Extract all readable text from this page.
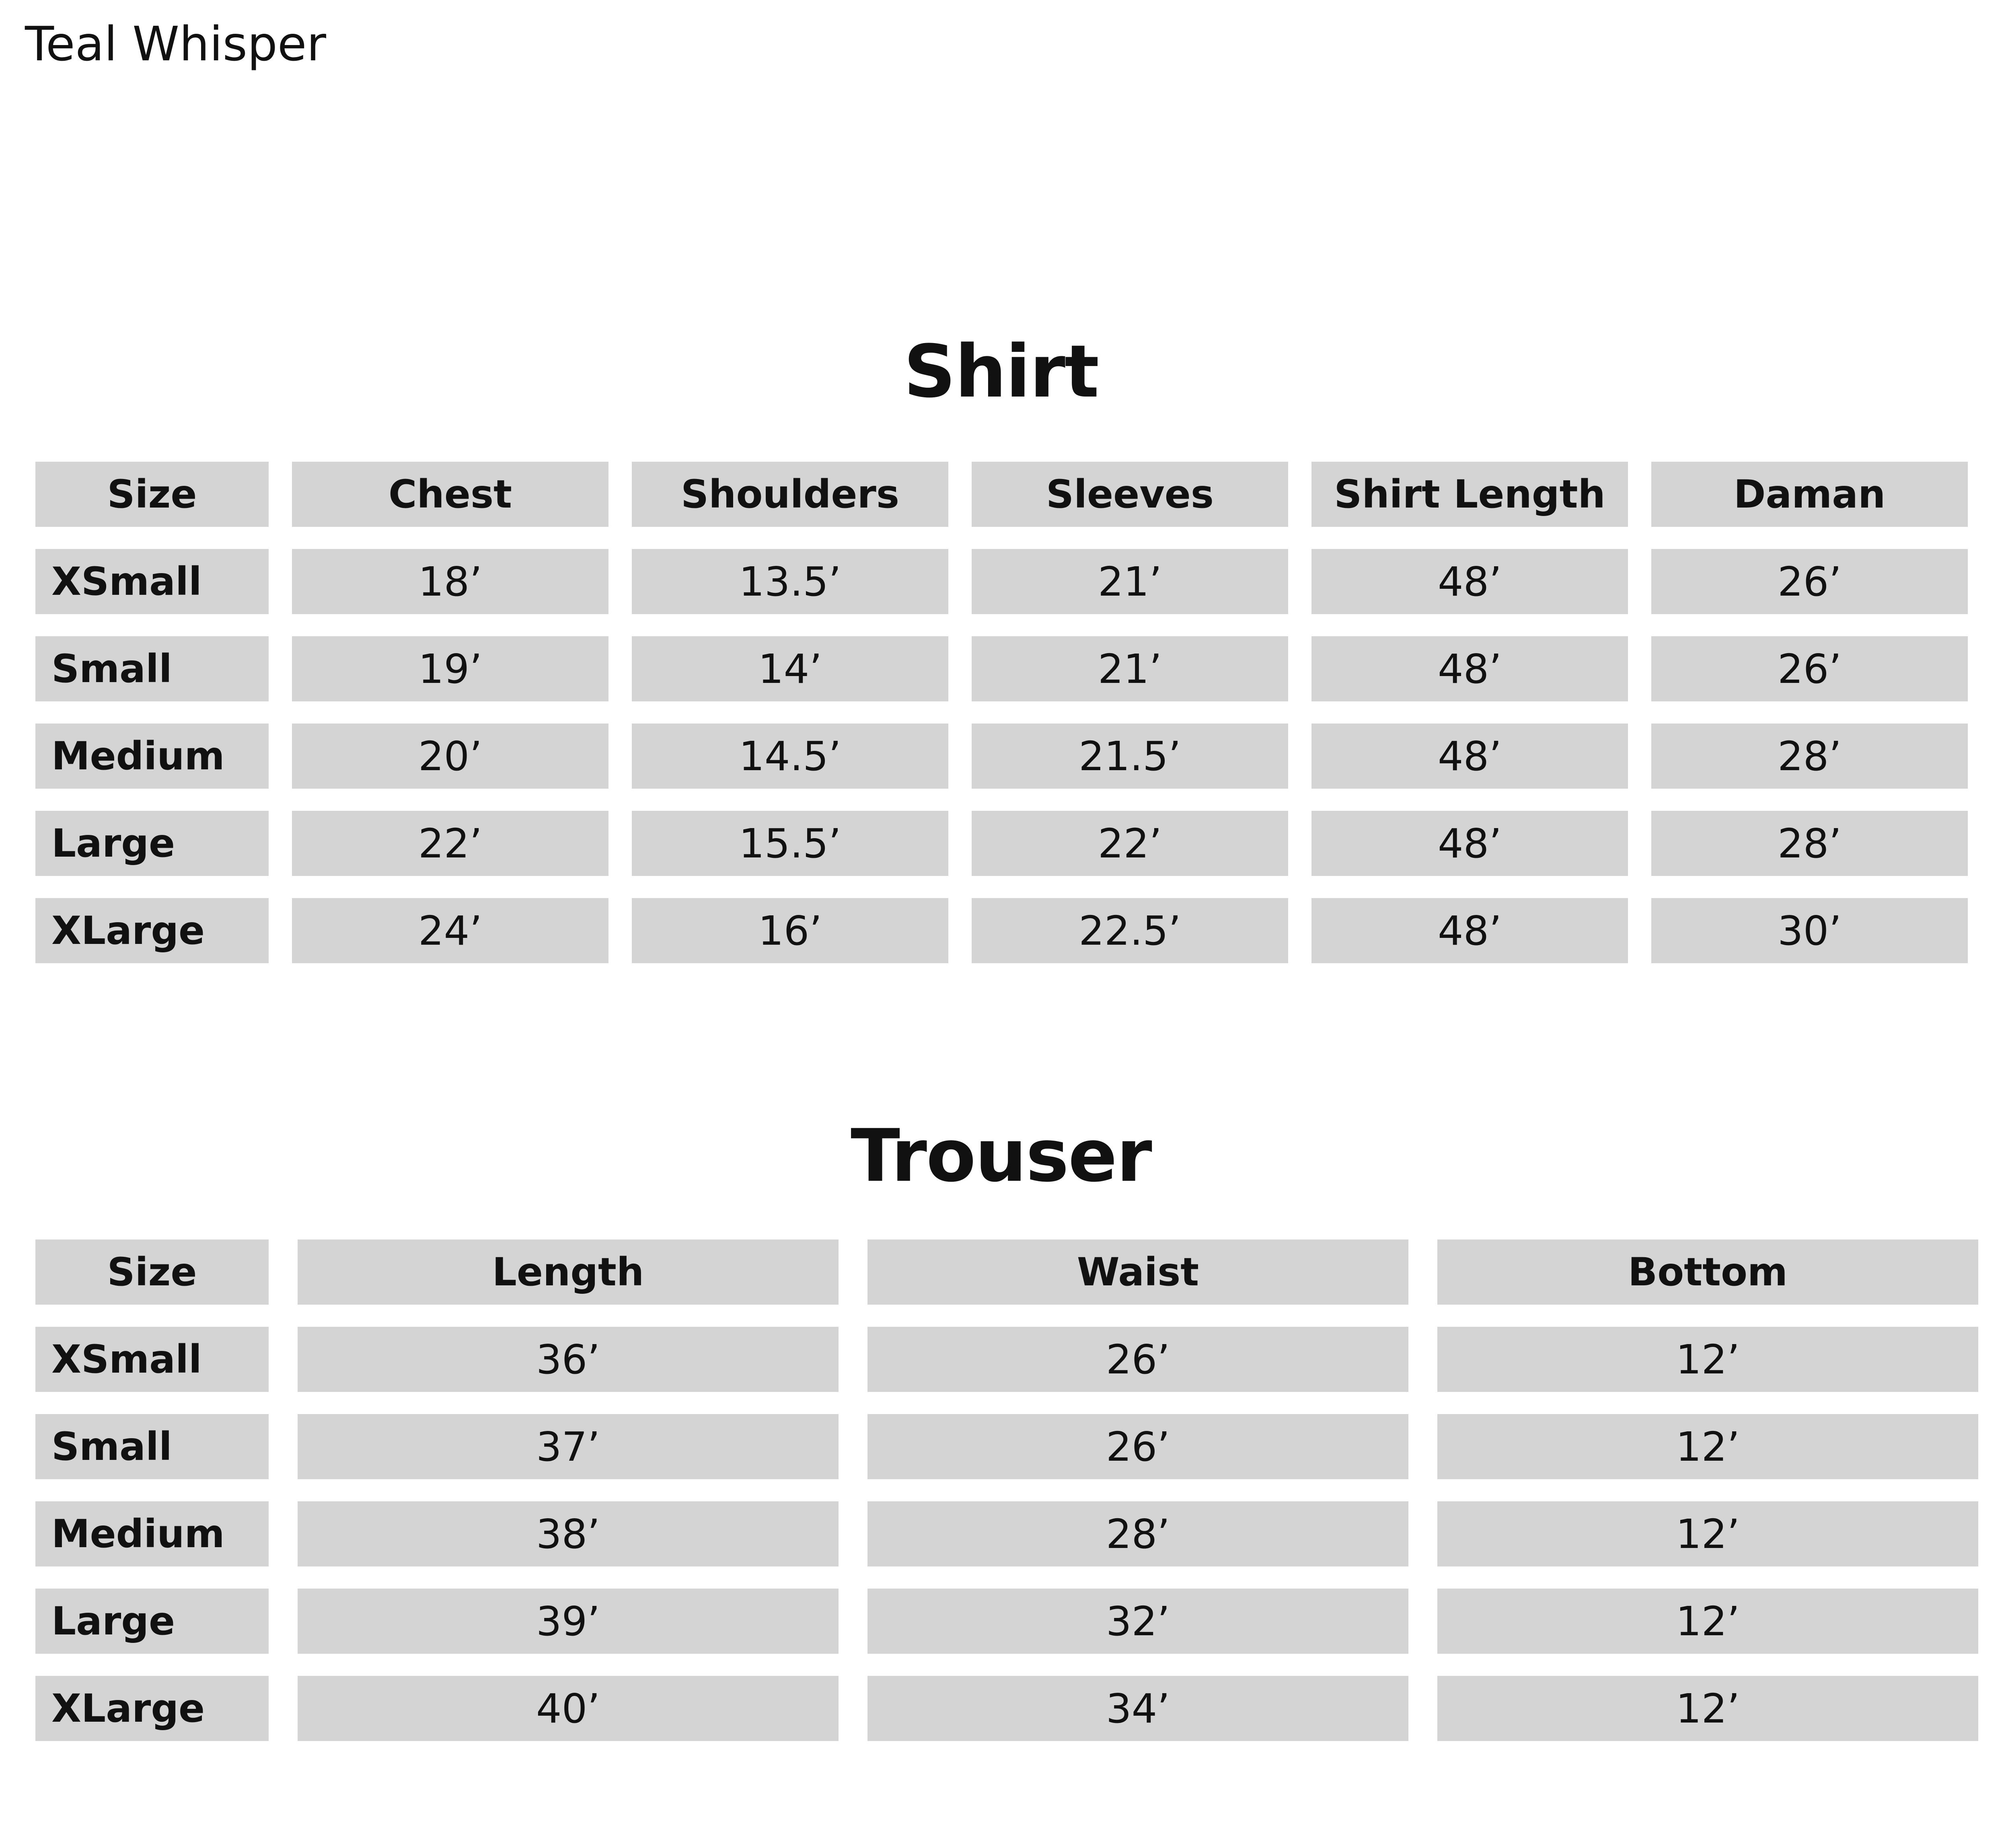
Teal Whisper
Shirt
Size	Chest	Shoulders	Sleeves	Shirt Length	Daman
XSmall	18’	13.5’	21’	48’	26’
Small	19’	14’	21’	48’	26’
Medium	20’	14.5’	21.5’	48’	28’
Large	22’	15.5’	22’	48’	28’
XLarge	24’	16’	22.5’	48’	30’
Trouser
Size	Length	Waist	Bottom
XSmall	36’	26’	12’
Small	37’	26’	12’
Medium	38’	28’	12’
Large	39’	32’	12’
XLarge	40’	34’	12’
